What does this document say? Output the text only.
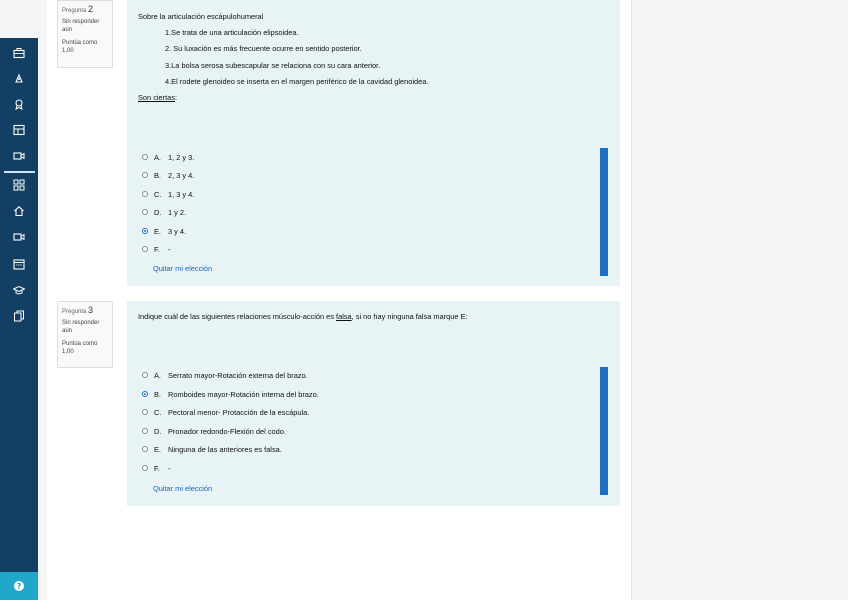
?
Pregunta 2
Sin responder aún
Puntúa como 1,00
Sobre la articulación escápulohumeral
1.Se trata de una articulación elipsoidea.
2. Su luxación es más frecuente ocurre en sentido posterior.
3.La bolsa serosa subescapular se relaciona con su cara anterior.
4.El rodete glenoideo se inserta en el margen periférico de la cavidad glenoidea.
Son ciertas:
A. 1, 2 y 3.
B. 2, 3 y 4.
C. 1, 3 y 4.
D. 1 y 2.
E. 3 y 4.
F.	-
Quitar mi elección
Pregunta 3
Sin responder aún
Puntúa como 1,00
Indique cuál de las siguientes relaciones músculo-acción es falsa, si no hay ninguna falsa marque E:
A. Serrato mayor-Rotación externa del brazo.
B. Romboides mayor-Rotación interna del brazo.
C. Pectoral menor- Protacción de la escápula.
D. Pronador redondo-Flexión del codo.
E. Ninguna de las anteriores es falsa.
F.	-
Quitar mi elección
